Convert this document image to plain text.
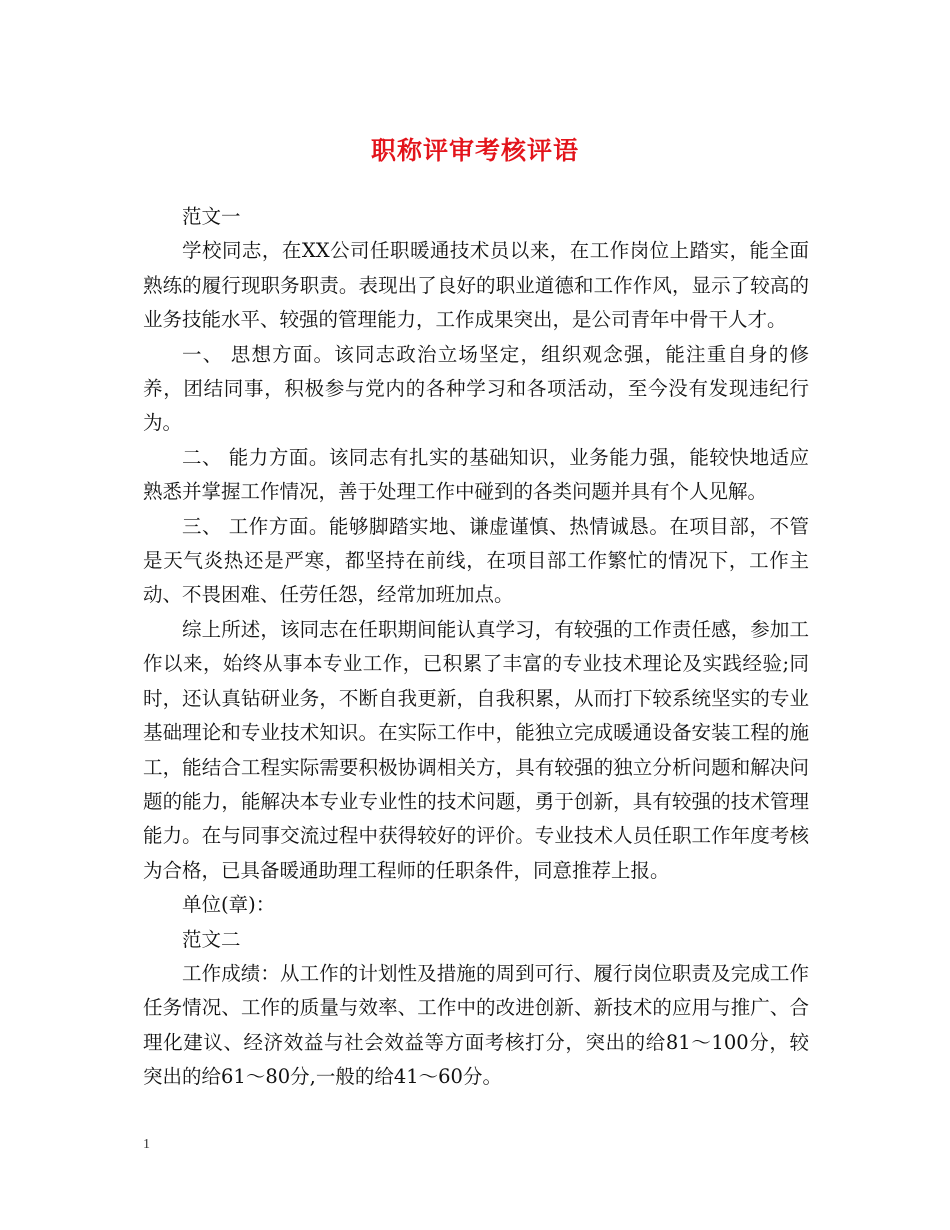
职称评审考核评语

范文一

学校同志，在XX公司任职暖通技术员以来，在工作岗位上踏实，能全面熟练的履行现职务职责。表现出了良好的职业道德和工作作风，显示了较高的业务技能水平、较强的管理能力，工作成果突出，是公司青年中骨干人才。

一、 思想方面。该同志政治立场坚定，组织观念强，能注重自身的修养，团结同事，积极参与党内的各种学习和各项活动，至今没有发现违纪行为。

二、 能力方面。该同志有扎实的基础知识，业务能力强，能较快地适应熟悉并掌握工作情况，善于处理工作中碰到的各类问题并具有个人见解。

三、 工作方面。能够脚踏实地、谦虚谨慎、热情诚恳。在项目部，不管是天气炎热还是严寒，都坚持在前线，在项目部工作繁忙的情况下，工作主动、不畏困难、任劳任怨，经常加班加点。

综上所述，该同志在任职期间能认真学习，有较强的工作责任感，参加工作以来，始终从事本专业工作，已积累了丰富的专业技术理论及实践经验;同时，还认真钻研业务，不断自我更新，自我积累，从而打下较系统坚实的专业基础理论和专业技术知识。在实际工作中，能独立完成暖通设备安装工程的施工，能结合工程实际需要积极协调相关方，具有较强的独立分析问题和解决问题的能力，能解决本专业专业性的技术问题，勇于创新，具有较强的技术管理能力。在与同事交流过程中获得较好的评价。专业技术人员任职工作年度考核为合格，已具备暖通助理工程师的任职条件，同意推荐上报。

单位(章)：

范文二

工作成绩：从工作的计划性及措施的周到可行、履行岗位职责及完成工作任务情况、工作的质量与效率、工作中的改进创新、新技术的应用与推广、合理化建议、经济效益与社会效益等方面考核打分，突出的给81～100分，较突出的给61～80分,一般的给41～60分。

1
